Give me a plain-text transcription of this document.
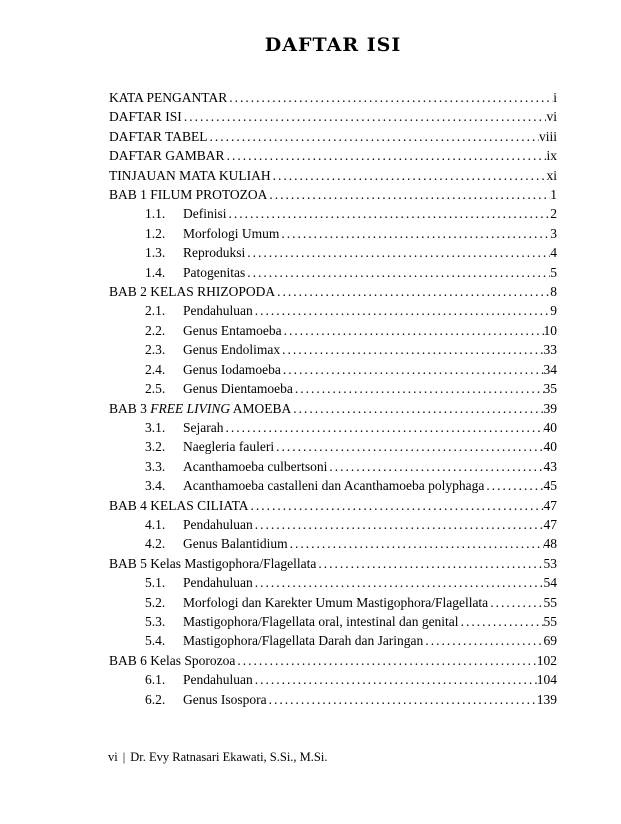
DAFTAR ISI
KATA PENGANTAR .....	i
DAFTAR ISI .....	vi
DAFTAR TABEL .....	viii
DAFTAR GAMBAR .....	ix
TINJAUAN MATA KULIAH .....	xi
BAB 1 FILUM PROTOZOA .....	1
1.1.	Definisi .....	2
1.2.	Morfologi Umum .....	3
1.3.	Reproduksi .....	4
1.4.	Patogenitas .....	5
BAB 2 KELAS RHIZOPODA .....	8
2.1.	Pendahuluan .....	9
2.2.	Genus Entamoeba .....	10
2.3.	Genus Endolimax .....	33
2.4.	Genus Iodamoeba .....	34
2.5.	Genus Dientamoeba .....	35
BAB 3 FREE LIVING AMOEBA .....	39
3.1.	Sejarah .....	40
3.2.	Naegleria fauleri .....	40
3.3.	Acanthamoeba culbertsoni .....	43
3.4.	Acanthamoeba castalleni dan Acanthamoeba polyphaga .....	45
BAB 4 KELAS CILIATA .....	47
4.1.	Pendahuluan .....	47
4.2.	Genus Balantidium .....	48
BAB 5 Kelas Mastigophora/Flagellata .....	53
5.1.	Pendahuluan .....	54
5.2.	Morfologi dan Karekter Umum Mastigophora/Flagellata .....	55
5.3.	Mastigophora/Flagellata oral, intestinal dan genital .....	55
5.4.	Mastigophora/Flagellata Darah dan Jaringan .....	69
BAB 6 Kelas Sporozoa .....	102
6.1.	Pendahuluan .....	104
6.2.	Genus Isospora .....	139
vi | Dr. Evy Ratnasari Ekawati, S.Si., M.Si.
